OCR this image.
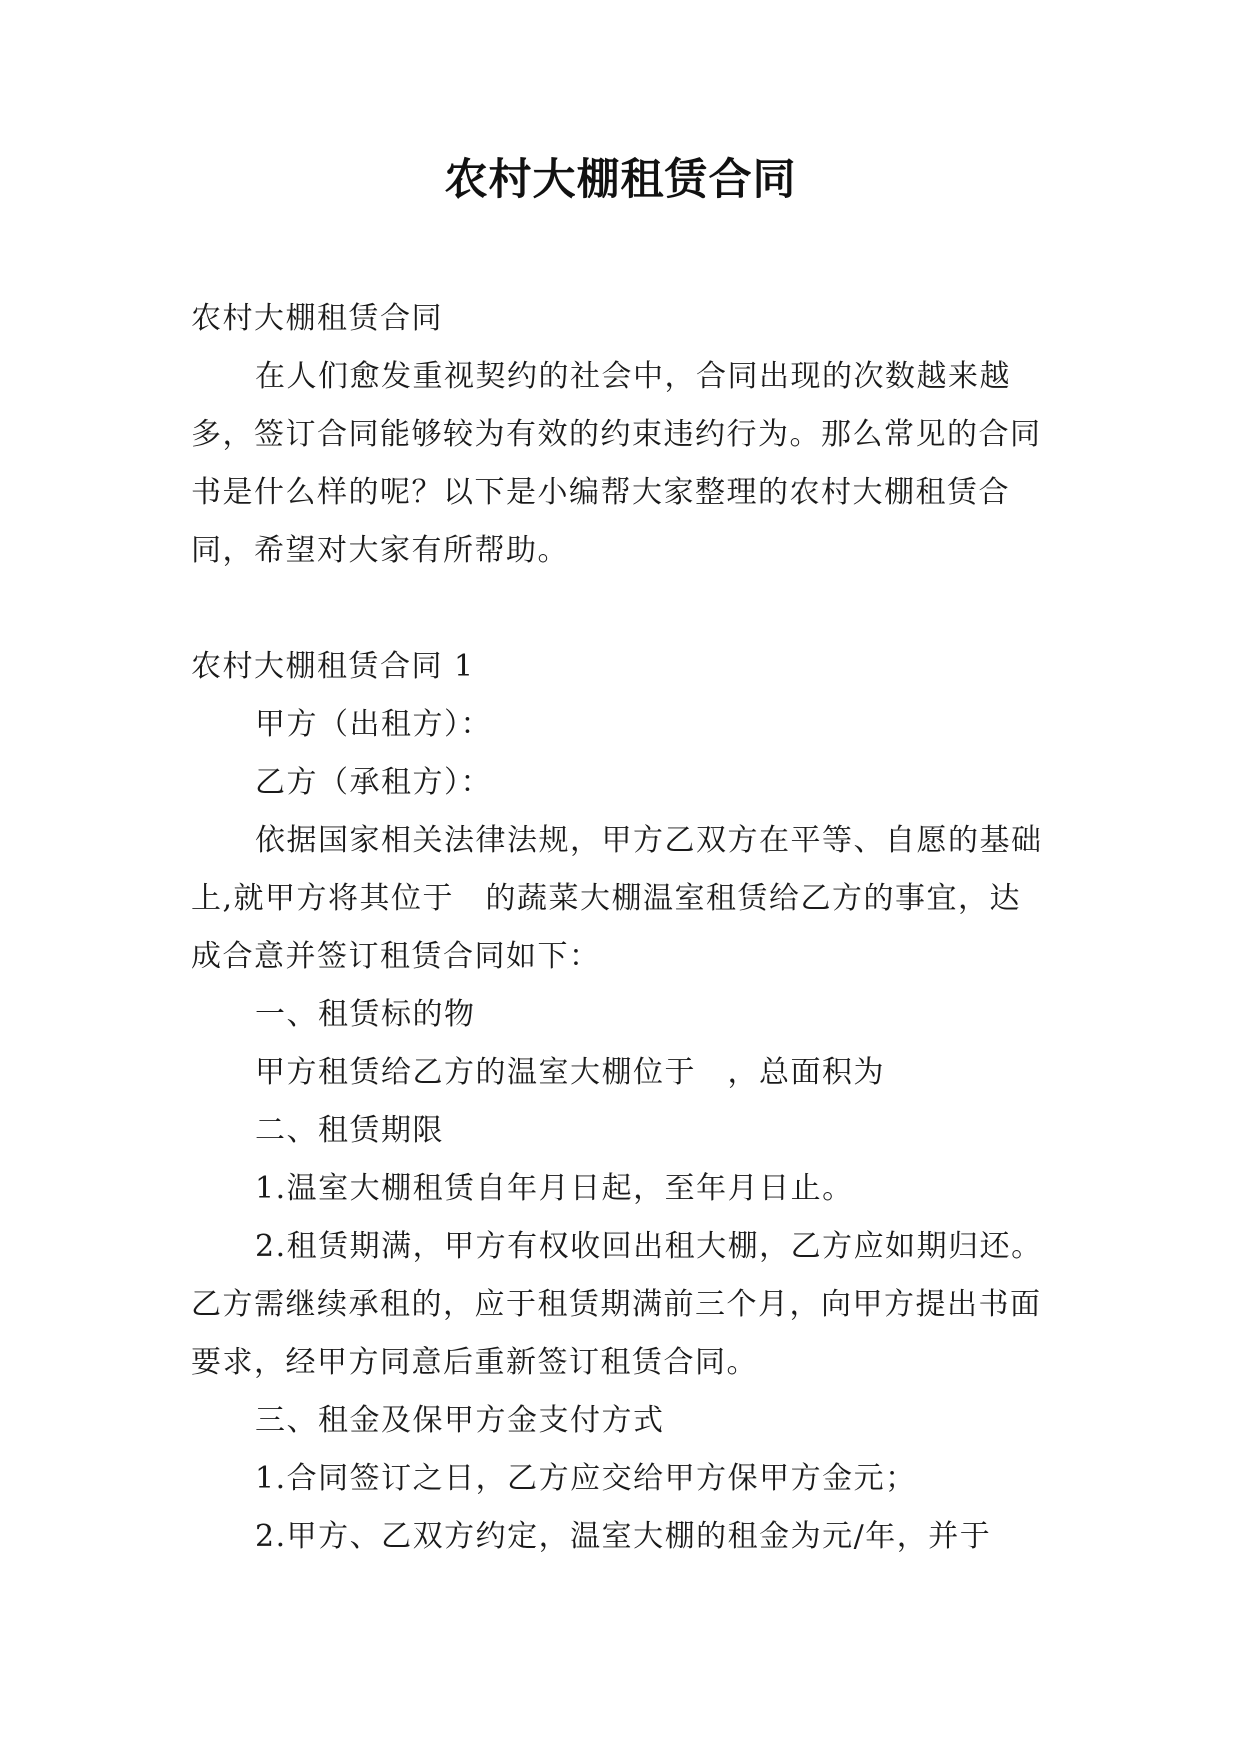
农村大棚租赁合同

农村大棚租赁合同

在人们愈发重视契约的社会中，合同出现的次数越来越多，签订合同能够较为有效的约束违约行为。那么常见的合同书是什么样的呢？以下是小编帮大家整理的农村大棚租赁合同，希望对大家有所帮助。

农村大棚租赁合同 1

甲方（出租方）：

乙方（承租方）：

依据国家相关法律法规，甲方乙双方在平等、自愿的基础上,就甲方将其位于　的蔬菜大棚温室租赁给乙方的事宜，达成合意并签订租赁合同如下：

一、租赁标的物

甲方租赁给乙方的温室大棚位于　，总面积为

二、租赁期限

1.温室大棚租赁自年月日起，至年月日止。

2.租赁期满，甲方有权收回出租大棚，乙方应如期归还。乙方需继续承租的，应于租赁期满前三个月，向甲方提出书面要求，经甲方同意后重新签订租赁合同。

三、租金及保甲方金支付方式

1.合同签订之日，乙方应交给甲方保甲方金元；

2.甲方、乙双方约定，温室大棚的租金为元/年，并于
